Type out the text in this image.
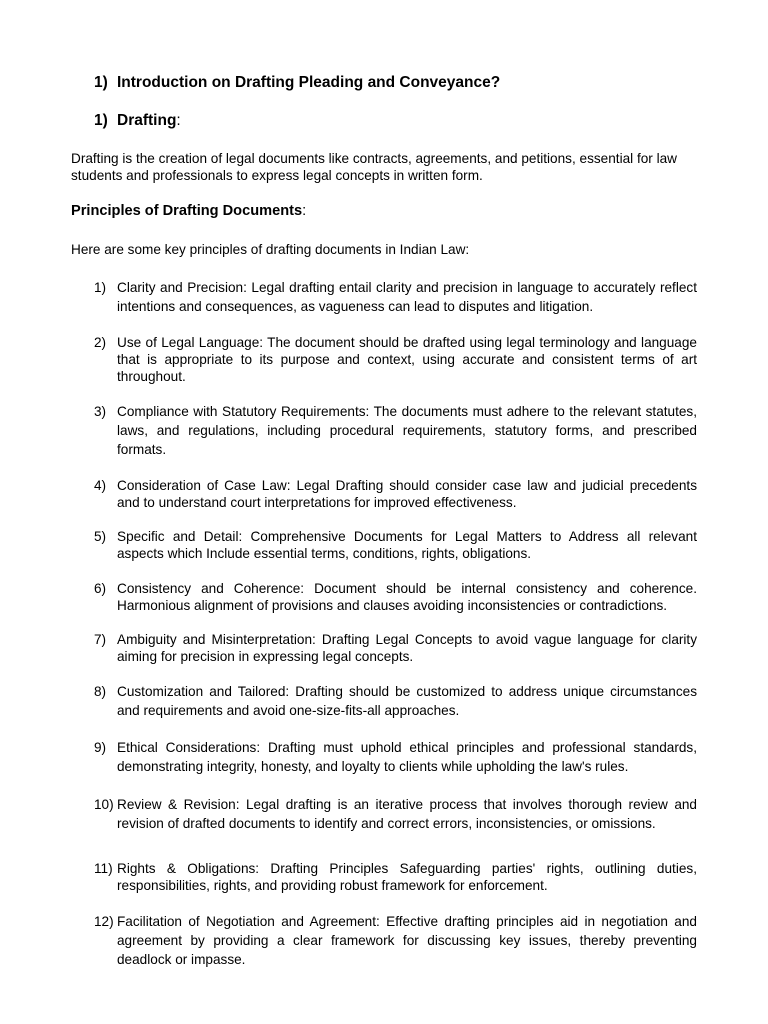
1) Introduction on Drafting Pleading and Conveyance?
1) Drafting:
Drafting is the creation of legal documents like contracts, agreements, and petitions, essential for law students and professionals to express legal concepts in written form.
Principles of Drafting Documents:
Here are some key principles of drafting documents in Indian Law:
1) Clarity and Precision: Legal drafting entail clarity and precision in language to accurately reflect intentions and consequences, as vagueness can lead to disputes and litigation.
2) Use of Legal Language: The document should be drafted using legal terminology and language that is appropriate to its purpose and context, using accurate and consistent terms of art throughout.
3) Compliance with Statutory Requirements: The documents must adhere to the relevant statutes, laws, and regulations, including procedural requirements, statutory forms, and prescribed formats.
4) Consideration of Case Law: Legal Drafting should consider case law and judicial precedents and to understand court interpretations for improved effectiveness.
5) Specific and Detail: Comprehensive Documents for Legal Matters to Address all relevant aspects which Include essential terms, conditions, rights, obligations.
6) Consistency and Coherence: Document should be internal consistency and coherence. Harmonious alignment of provisions and clauses avoiding inconsistencies or contradictions.
7) Ambiguity and Misinterpretation: Drafting Legal Concepts to avoid vague language for clarity aiming for precision in expressing legal concepts.
8) Customization and Tailored: Drafting should be customized to address unique circumstances and requirements and avoid one-size-fits-all approaches.
9) Ethical Considerations: Drafting must uphold ethical principles and professional standards, demonstrating integrity, honesty, and loyalty to clients while upholding the law's rules.
10) Review & Revision: Legal drafting is an iterative process that involves thorough review and revision of drafted documents to identify and correct errors, inconsistencies, or omissions.
11) Rights & Obligations: Drafting Principles Safeguarding parties' rights, outlining duties, responsibilities, rights, and providing robust framework for enforcement.
12) Facilitation of Negotiation and Agreement: Effective drafting principles aid in negotiation and agreement by providing a clear framework for discussing key issues, thereby preventing deadlock or impasse.
